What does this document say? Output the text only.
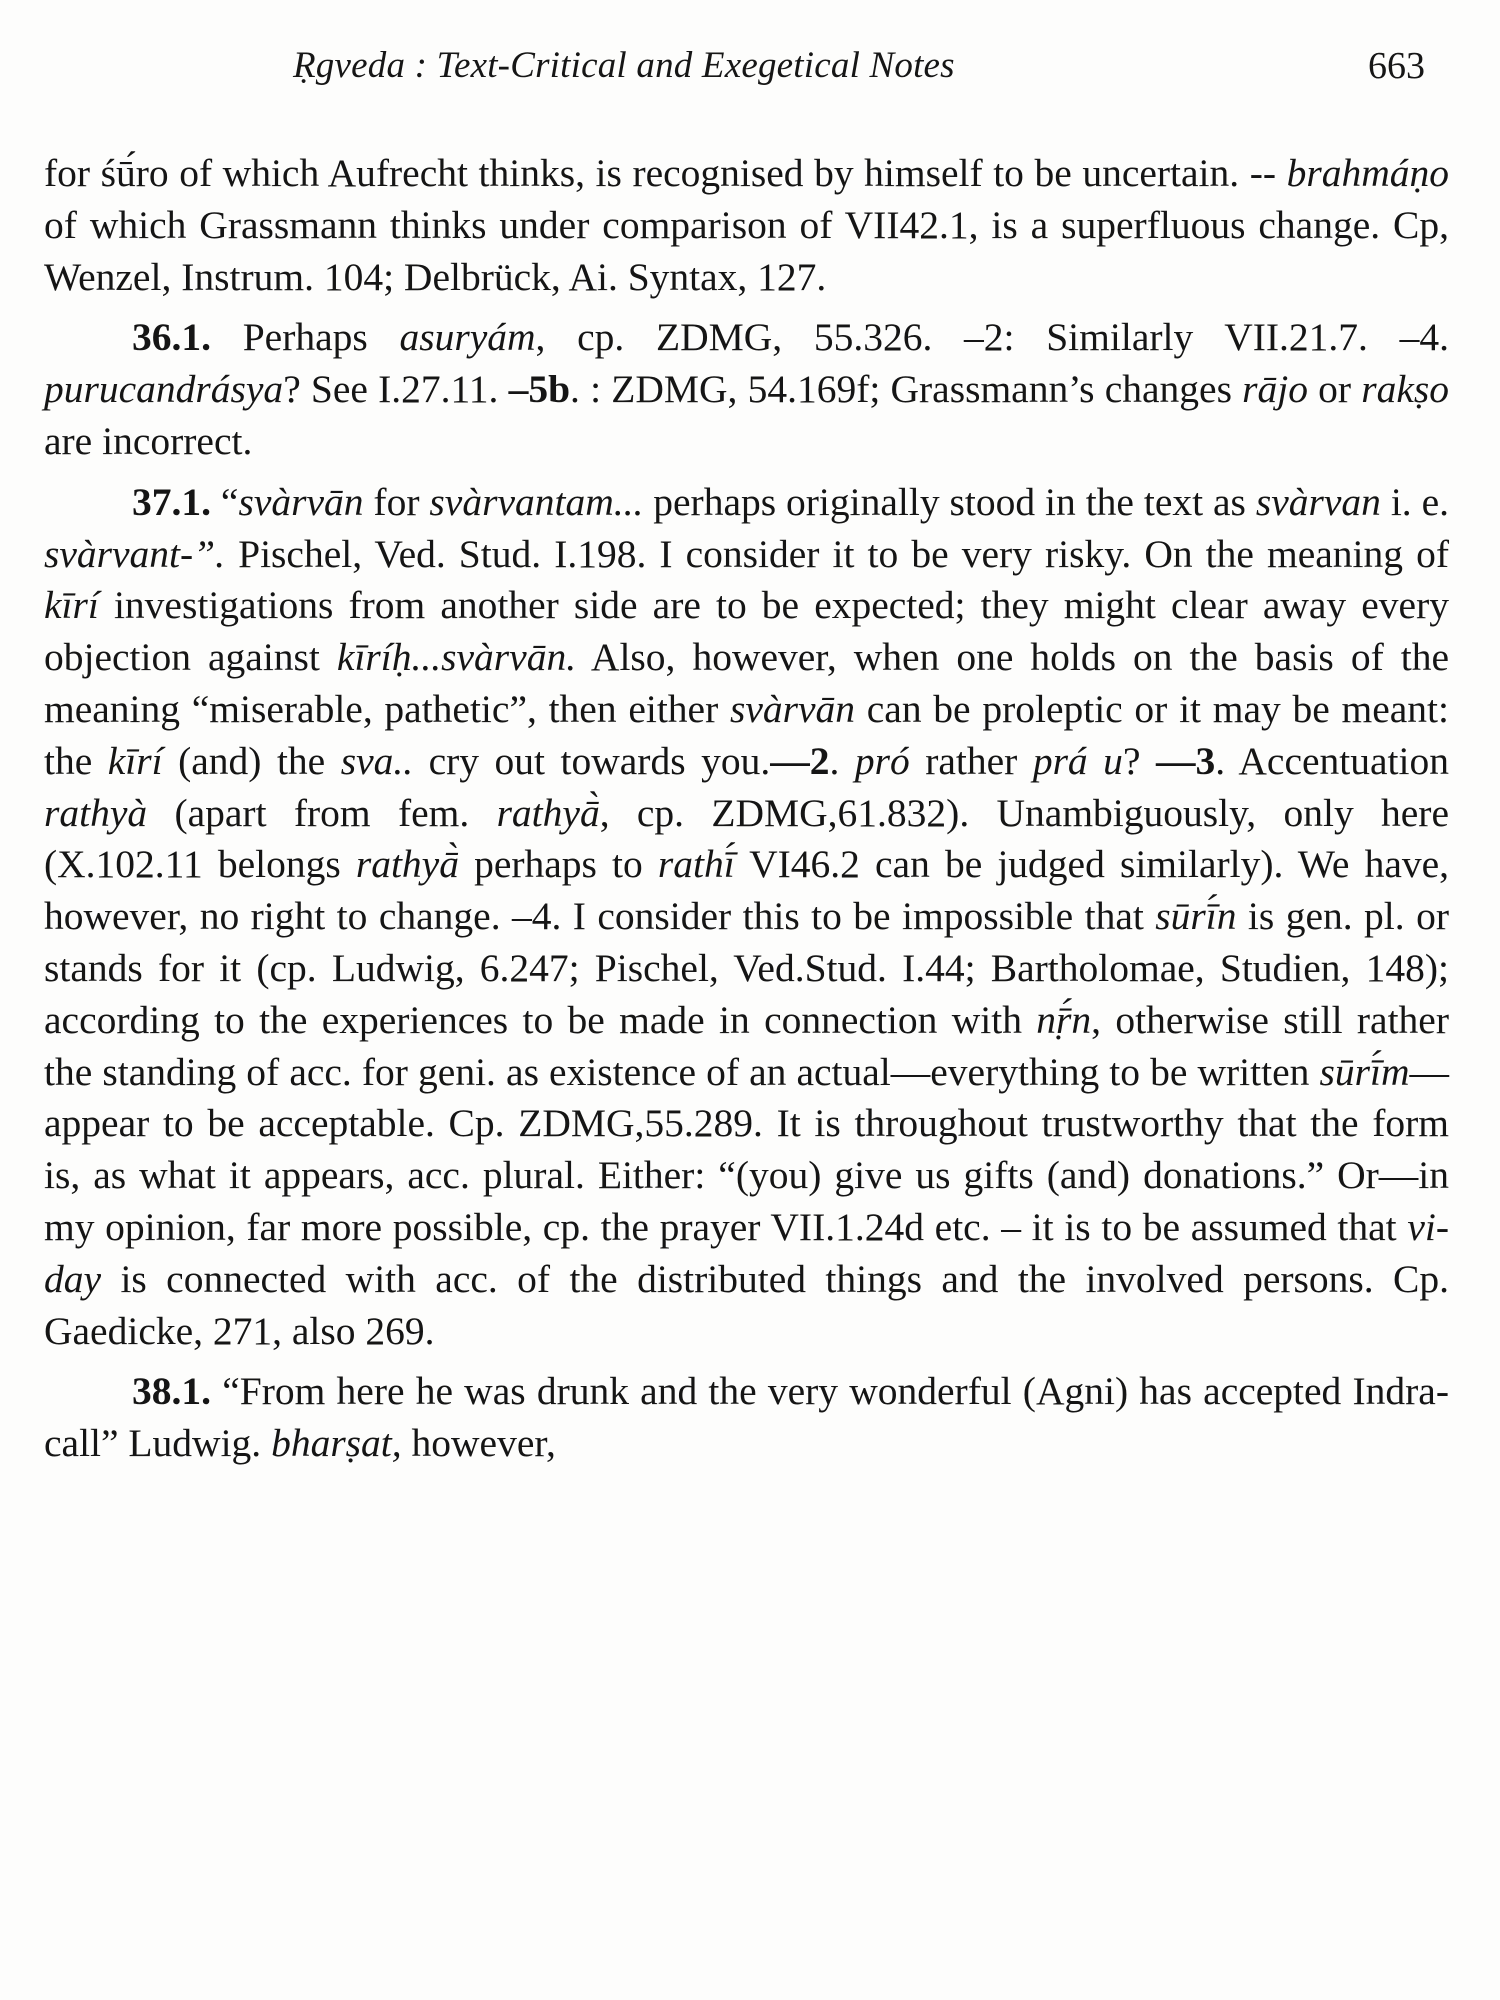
Ṛgveda : Text-Critical and Exegetical Notes	663

for śū́ro of which Aufrecht thinks, is recognised by himself to be uncertain. -- brahmáṇo of which Grassmann thinks under comparison of VII42.1, is a superfluous change. Cp, Wenzel, Instrum. 104; Delbrück, Ai. Syntax, 127.

36.1. Perhaps asuryám, cp. ZDMG, 55.326. –2: Similarly VII.21.7. –4. purucandrásya? See I.27.11. –5b. : ZDMG, 54.169f; Grassmann’s changes rājo or rakṣo are incorrect.

37.1. “svàrvān for svàrvantam... perhaps originally stood in the text as svàrvan i. e. svàrvant-”. Pischel, Ved. Stud. I.198. I consider it to be very risky. On the meaning of kīrí investigations from another side are to be expected; they might clear away every objection against kīríḥ...svàrvān. Also, however, when one holds on the basis of the meaning “miserable, pathetic”, then either svàrvān can be proleptic or it may be meant: the kīrí (and) the sva.. cry out towards you.—2. pró rather prá u? —3. Accentuation rathyà (apart from fem. rathyā̀, cp. ZDMG,61.832). Unambiguously, only here (X.102.11 belongs rathyā̀ perhaps to rathī́ VI46.2 can be judged similarly). We have, however, no right to change. –4. I consider this to be impossible that sūrī́n is gen. pl. or stands for it (cp. Ludwig, 6.247; Pischel, Ved.Stud. I.44; Bartholomae, Studien, 148); according to the experiences to be made in connection with nṝ́n, otherwise still rather the standing of acc. for geni. as existence of an actual—everything to be written sūrī́m—appear to be acceptable. Cp. ZDMG,55.289. It is throughout trustworthy that the form is, as what it appears, acc. plural. Either: “(you) give us gifts (and) donations.” Or—in my opinion, far more possible, cp. the prayer VII.1.24d etc. – it is to be assumed that vi-day is connected with acc. of the distributed things and the involved persons. Cp. Gaedicke, 271, also 269.

38.1. “From here he was drunk and the very wonderful (Agni) has accepted Indra-call” Ludwig. bharṣat, however,
